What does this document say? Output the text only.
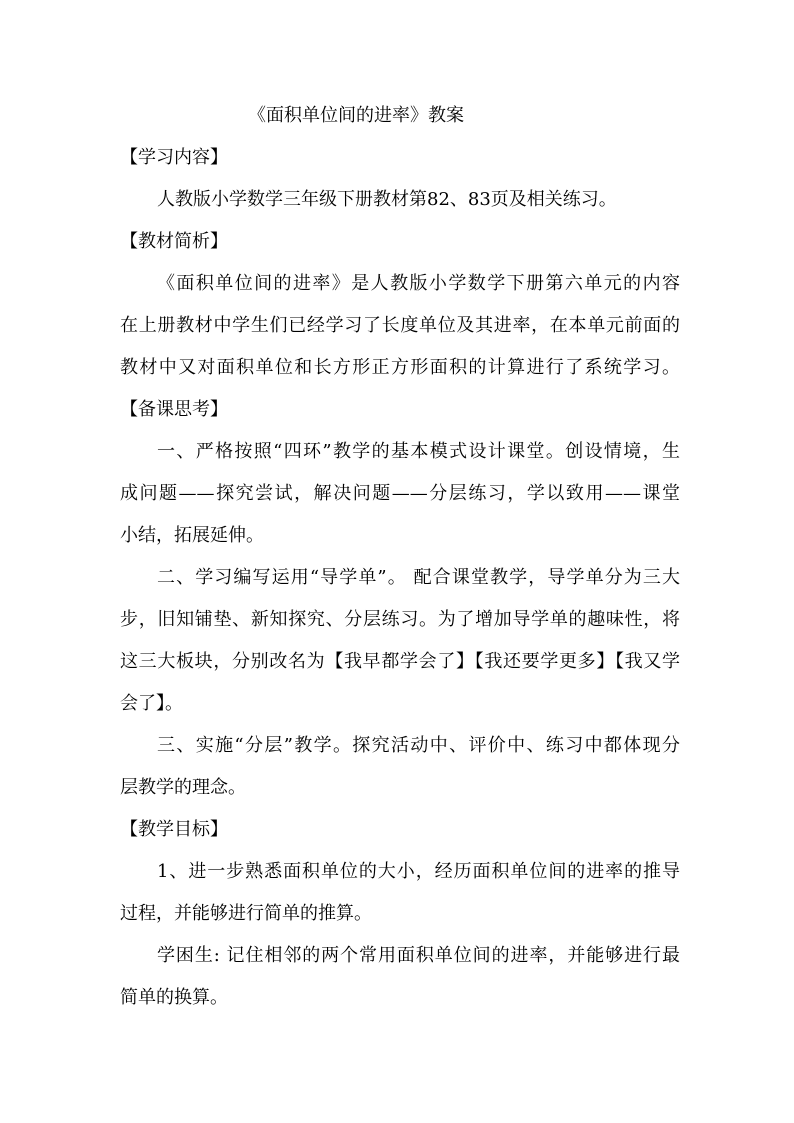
《面积单位间的进率》教案
【学习内容】
人教版小学数学三年级下册教材第82、83页及相关练习。
【教材简析】
《面积单位间的进率》是人教版小学数学下册第六单元的内容
在上册教材中学生们已经学习了长度单位及其进率，在本单元前面的
教材中又对面积单位和长方形正方形面积的计算进行了系统学习。
【备课思考】
一、严格按照“四环”教学的基本模式设计课堂。创设情境，生
成问题——探究尝试，解决问题——分层练习，学以致用——课堂
小结，拓展延伸。
二、学习编写运用“导学单”。 配合课堂教学，导学单分为三大
步，旧知铺垫、新知探究、分层练习。为了增加导学单的趣味性，将
这三大板块，分别改名为【我早都学会了】【我还要学更多】【我又学
会了】。
三、实施“分层”教学。探究活动中、评价中、练习中都体现分
层教学的理念。
【教学目标】
1、进一步熟悉面积单位的大小，经历面积单位间的进率的推导
过程，并能够进行简单的推算。
学困生: 记住相邻的两个常用面积单位间的进率，并能够进行最
简单的换算。
